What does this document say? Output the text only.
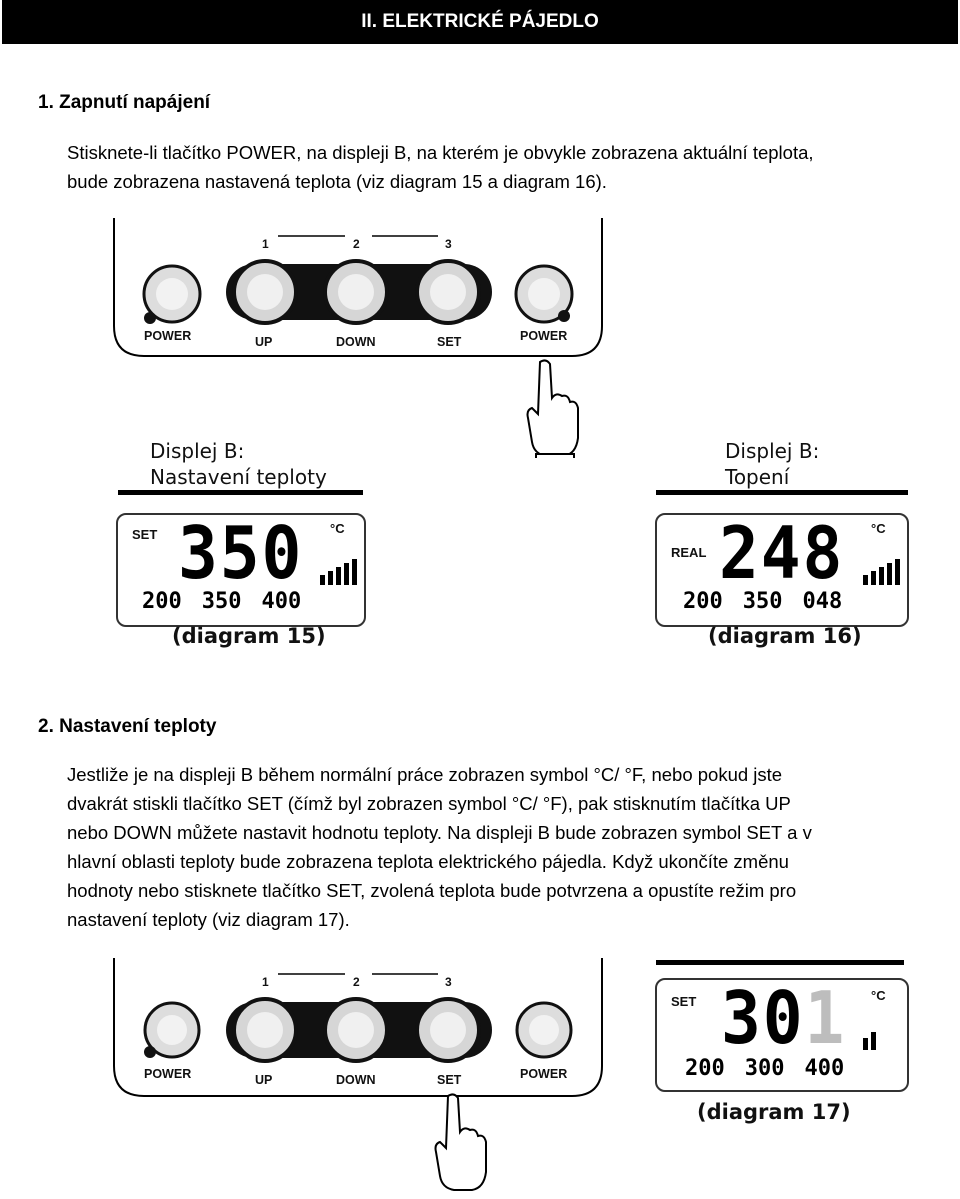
II. ELEKTRICKÉ PÁJEDLO
1. Zapnutí napájení
Stisknete-li tlačítko POWER, na displeji B, na kterém je obvykle zobrazena aktuální teplota,
bude zobrazena nastavená teplota (viz diagram 15 a diagram 16).
1	2	3
POWER	UP	DOWN	SET	POWER
Displej B:
Nastavení teploty
Displej B:
Topení
SET	°C
350
200 350 400
(diagram 15)
REAL
°C
248
200 350 048
(diagram 16)
2. Nastavení teploty
Jestliže je na displeji B během normální práce zobrazen symbol °C/ °F, nebo pokud jste
dvakrát stiskli tlačítko SET (čímž byl zobrazen symbol °C/ °F), pak stisknutím tlačítka UP
nebo DOWN můžete nastavit hodnotu teploty. Na displeji B bude zobrazen symbol SET a v
hlavní oblasti teploty bude zobrazena teplota elektrického pájedla. Když ukončíte změnu
hodnoty nebo stisknete tlačítko SET, zvolená teplota bude potvrzena a opustíte režim pro
nastavení teploty (viz diagram 17).
1	2	3
POWER	UP	DOWN	SET	POWER
SET	°C
301
200 300 400
(diagram 17)
